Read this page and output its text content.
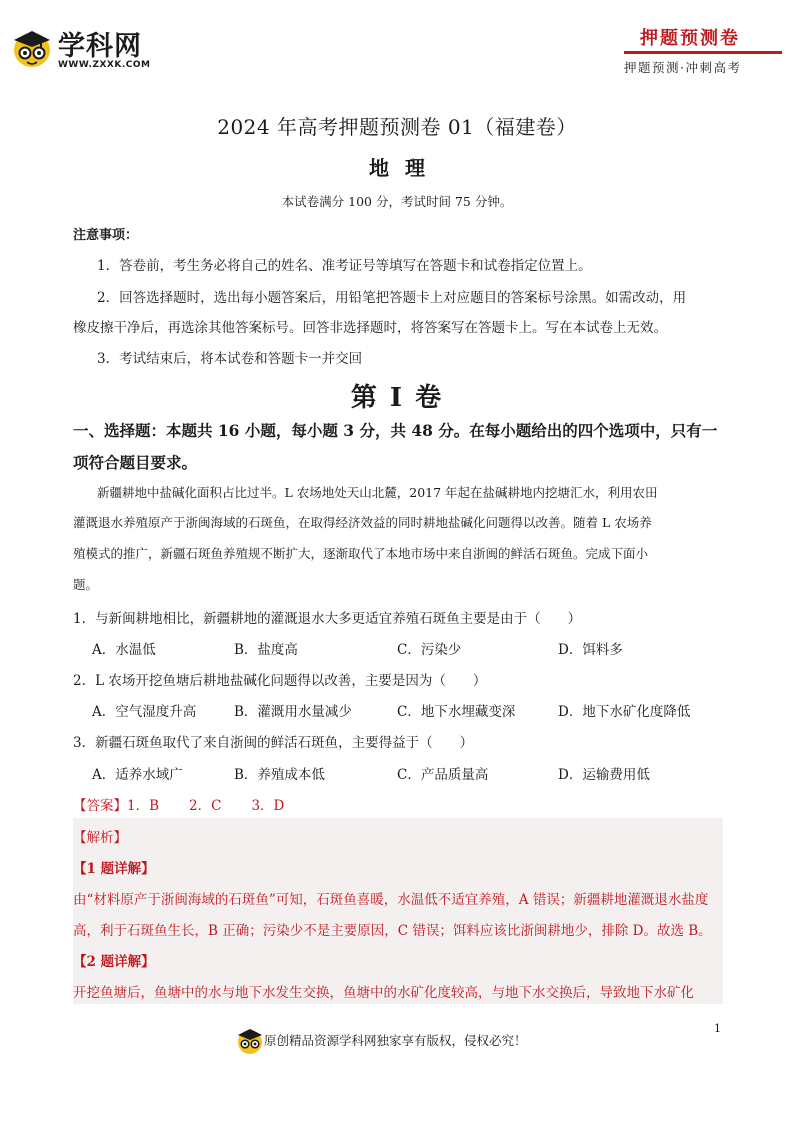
学科网
WWW.ZXXK.COM
押题预测卷
押题预测·冲刺高考
2024 年高考押题预测卷 01（福建卷）
地理
本试卷满分 100 分，考试时间 75 分钟。
注意事项：
1．答卷前，考生务必将自己的姓名、准考证号等填写在答题卡和试卷指定位置上。
2．回答选择题时，选出每小题答案后，用铅笔把答题卡上对应题目的答案标号涂黑。如需改动，用
橡皮擦干净后，再选涂其他答案标号。回答非选择题时，将答案写在答题卡上。写在本试卷上无效。
3．考试结束后，将本试卷和答题卡一并交回
第 I 卷
一、选择题：本题共 16 小题，每小题 3 分，共 48 分。在每小题给出的四个选项中，只有一
项符合题目要求。
新疆耕地中盐碱化面积占比过半。L 农场地处天山北麓，2017 年起在盐碱耕地内挖塘汇水，利用农田
灌溉退水养殖原产于浙闽海域的石斑鱼，在取得经济效益的同时耕地盐碱化问题得以改善。随着 L 农场养
殖模式的推广，新疆石斑鱼养殖规不断扩大，逐渐取代了本地市场中来自浙闽的鲜活石斑鱼。完成下面小
题。
1．与新闽耕地相比，新疆耕地的灌溉退水大多更适宜养殖石斑鱼主要是由于（　　）
A．水温低	B．盐度高	C．污染少	D．饵料多
2．L 农场开挖鱼塘后耕地盐碱化问题得以改善，主要是因为（　　）
A．空气湿度升高	B．灌溉用水量减少	C．地下水埋藏变深	D．地下水矿化度降低
3．新疆石斑鱼取代了来自浙闽的鲜活石斑鱼，主要得益于（　　）
A．适养水域广	B．养殖成本低	C．产品质量高	D．运输费用低
【答案】1．B 2．C 3．D
【解析】
【1 题详解】
由“材料原产于浙闽海域的石斑鱼”可知，石斑鱼喜暖，水温低不适宜养殖，A 错误；新疆耕地灌溉退水盐度
高，利于石斑鱼生长，B 正确；污染少不是主要原因，C 错误；饵料应该比浙闽耕地少，排除 D。故选 B。
【2 题详解】
开挖鱼塘后，鱼塘中的水与地下水发生交换，鱼塘中的水矿化度较高，与地下水交换后，导致地下水矿化
原创精品资源学科网独家享有版权，侵权必究！
1
